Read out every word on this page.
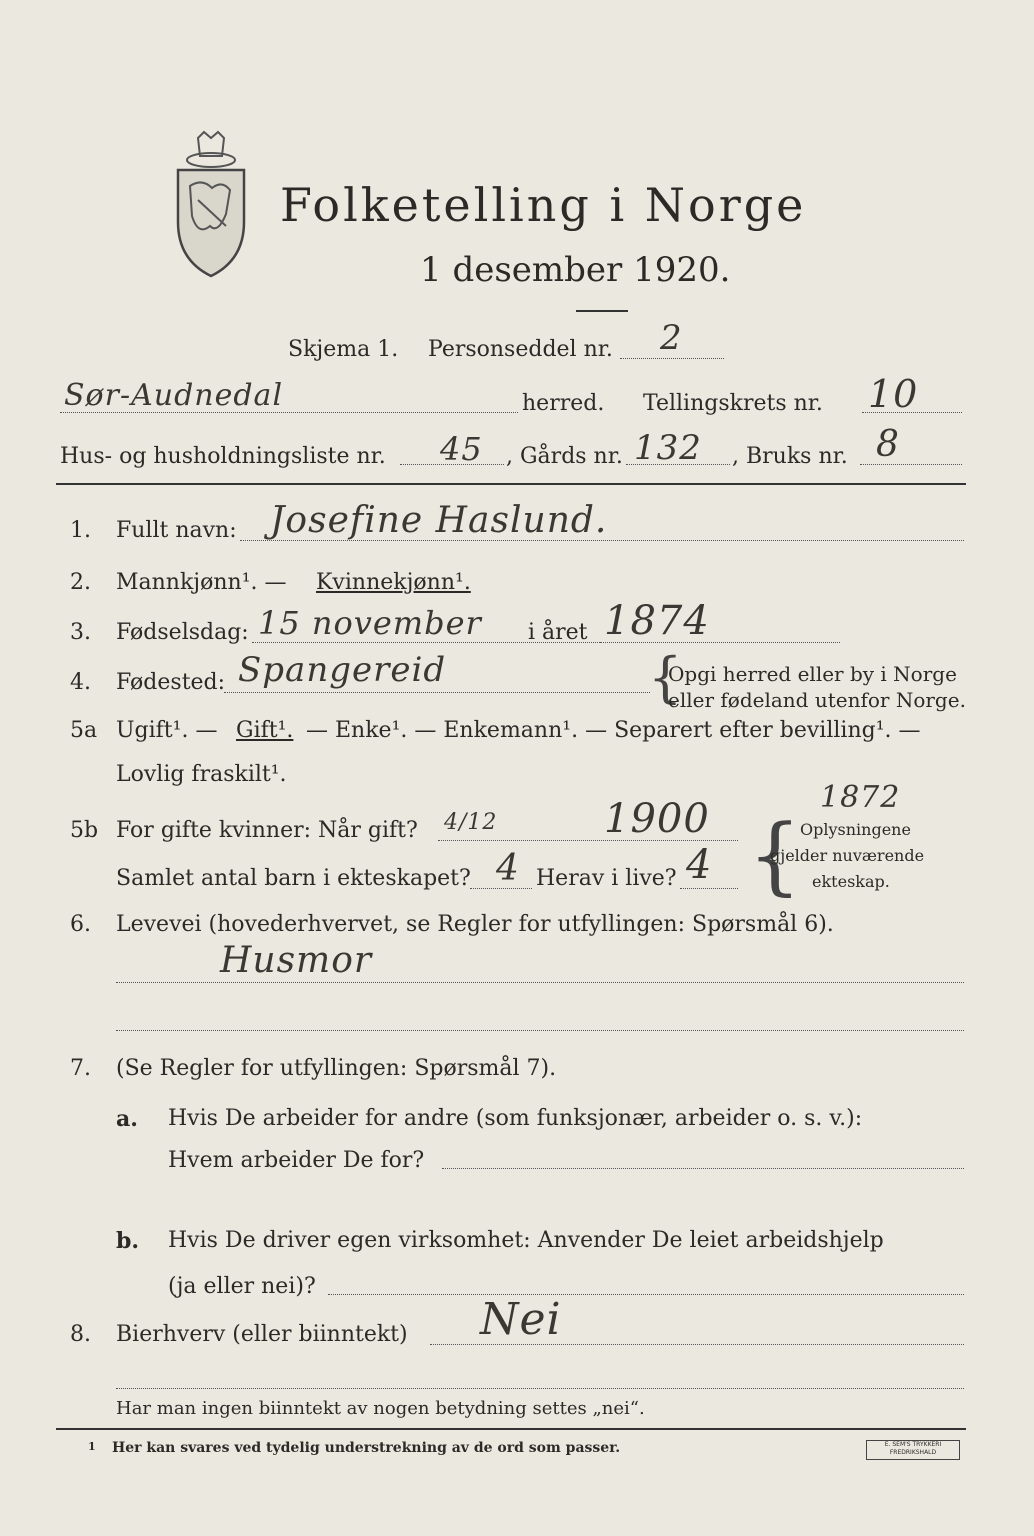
Folketelling i Norge
1 desember 1920.
Skjema 1. Personseddel nr. 2
Sør-Audnedal	herred. Tellingskrets nr. 10
Hus- og husholdningsliste nr. 45 , Gårds nr. 132 , Bruks nr. 8
1. Fullt navn: Josefine Haslund.
2. Mannkjønn¹. — Kvinnekjønn¹.
3. Fødselsdag: 15 november i året 1874
4. Fødested: Spangereid	{
Opgi herred eller by i Norge
eller fødeland utenfor Norge.
5a Ugift¹. — Gift¹. — Enke¹. — Enkemann¹. — Separert efter bevilling¹. —
Lovlig fraskilt¹.
5b For gifte kvinner: Når gift? 4/12	1900	1872
Samlet antal barn i ekteskapet? 4 Herav i live? 4 {
Oplysningene
gjelder nuværende
ekteskap.
6. Levevei (hovederhvervet, se Regler for utfyllingen: Spørsmål 6).
Husmor
7. (Se Regler for utfyllingen: Spørsmål 7).
a. Hvis De arbeider for andre (som funksjonær, arbeider o. s. v.):
Hvem arbeider De for?
b. Hvis De driver egen virksomhet: Anvender De leiet arbeidshjelp
(ja eller nei)?
8. Bierhverv (eller biinntekt) Nei
Har man ingen biinntekt av nogen betydning settes „nei“.
1 Her kan svares ved tydelig understrekning av de ord som passer.	E. SEM'S TRYKKERI FREDRIKSHALD
